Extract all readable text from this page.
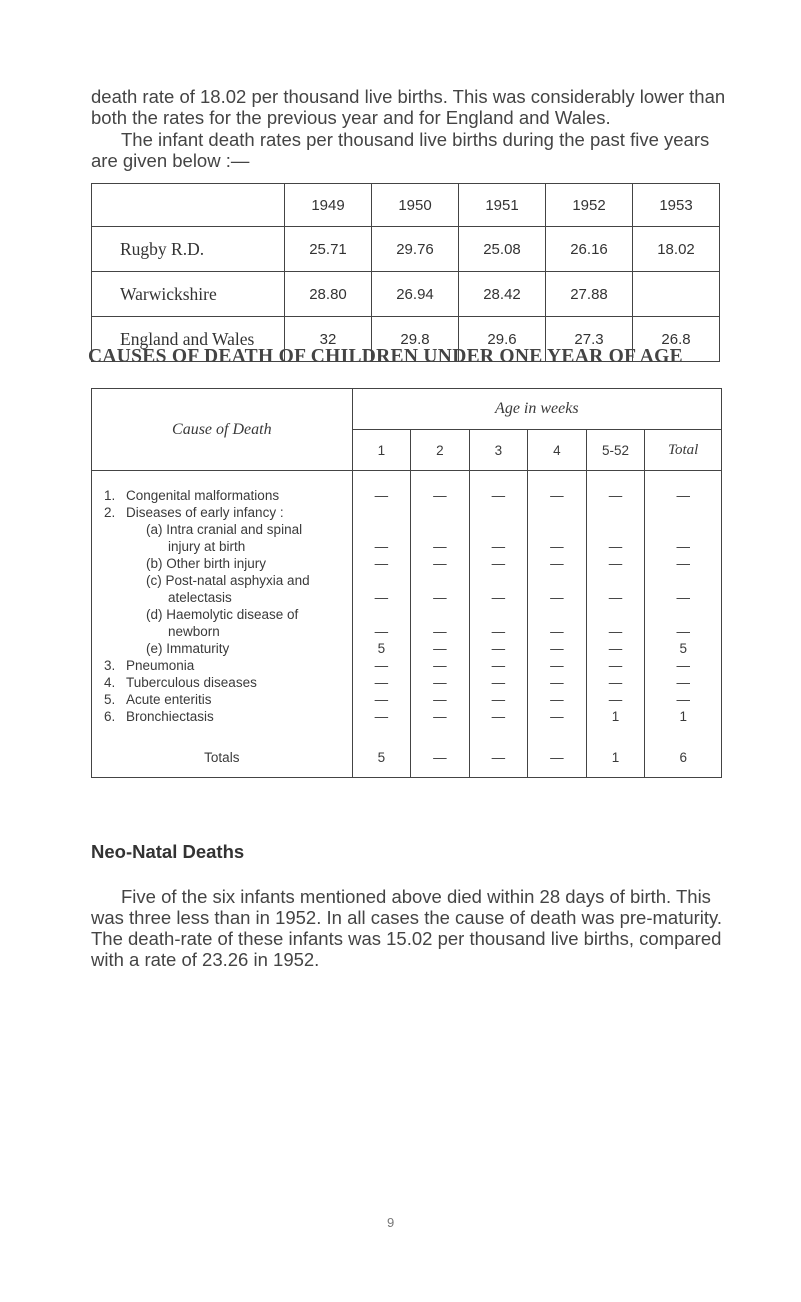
death rate of 18.02 per thousand live births. This was considerably lower than both the rates for the previous year and for England and Wales.

The infant death rates per thousand live births during the past five years are given below :—

	1949	1950	1951	1952	1953
Rugby R.D.	25.71	29.76	25.08	26.16	18.02
Warwickshire	28.80	26.94	28.42	27.88	
England and Wales	32	29.8	29.6	27.3	26.8
CAUSES OF DEATH OF CHILDREN UNDER ONE YEAR OF AGE
Cause of Death	Age in weeks					
	1	2	3	4	5-52	Total

1. Congenital malformations	—	—	—	—	—	—
2. Diseases of early infancy :						
(a) Intra cranial and spinal						
injury at birth	—	—	—	—	—	—
(b) Other birth injury	—	—	—	—	—	—
(c) Post-natal asphyxia and						
atelectasis	—	—	—	—	—	—
(d) Haemolytic disease of						
newborn	—	—	—	—	—	—
(e) Immaturity	5	—	—	—	—	5
3. Pneumonia	—	—	—	—	—	—
4. Tuberculous diseases	—	—	—	—	—	—
5. Acute enteritis	—	—	—	—	—	—
6. Bronchiectasis	—	—	—	—	1	1

Totals	5	—	—	—	1	6
Neo-Natal Deaths

Five of the six infants mentioned above died within 28 days of birth. This was three less than in 1952. In all cases the cause of death was pre-maturity. The death-rate of these infants was 15.02 per thousand live births, compared with a rate of 23.26 in 1952.

9
